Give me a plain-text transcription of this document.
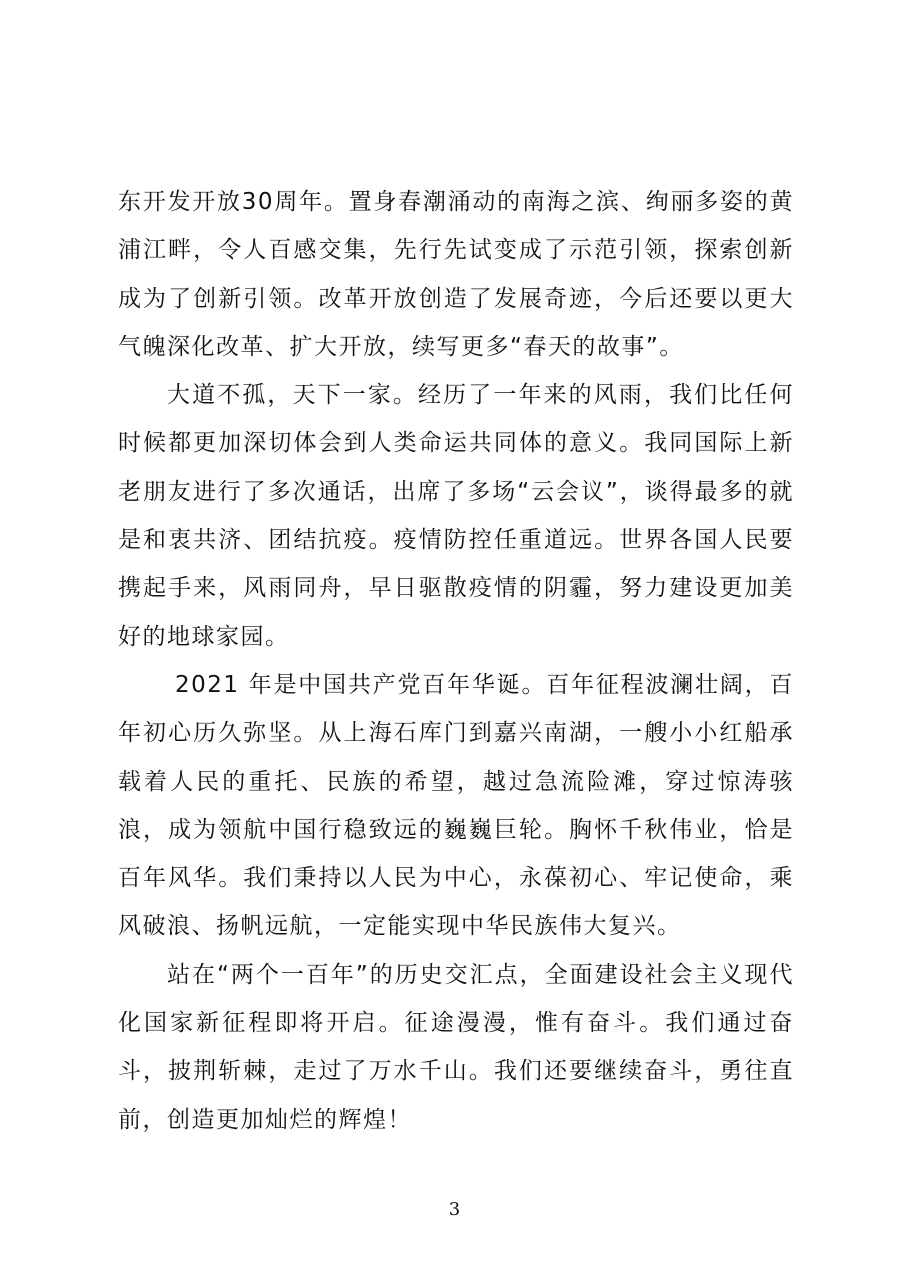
东开发开放30周年。置身春潮涌动的南海之滨、绚丽多姿的黄浦江畔，令人百感交集，先行先试变成了示范引领，探索创新成为了创新引领。改革开放创造了发展奇迹，今后还要以更大气魄深化改革、扩大开放，续写更多“春天的故事”。

大道不孤，天下一家。经历了一年来的风雨，我们比任何时候都更加深切体会到人类命运共同体的意义。我同国际上新老朋友进行了多次通话，出席了多场“云会议”，谈得最多的就是和衷共济、团结抗疫。疫情防控任重道远。世界各国人民要携起手来，风雨同舟，早日驱散疫情的阴霾，努力建设更加美好的地球家园。

2021 年是中国共产党百年华诞。百年征程波澜壮阔，百年初心历久弥坚。从上海石库门到嘉兴南湖，一艘小小红船承载着人民的重托、民族的希望，越过急流险滩，穿过惊涛骇浪，成为领航中国行稳致远的巍巍巨轮。胸怀千秋伟业，恰是百年风华。我们秉持以人民为中心，永葆初心、牢记使命，乘风破浪、扬帆远航，一定能实现中华民族伟大复兴。

站在“两个一百年”的历史交汇点，全面建设社会主义现代化国家新征程即将开启。征途漫漫，惟有奋斗。我们通过奋斗，披荆斩棘，走过了万水千山。我们还要继续奋斗，勇往直前，创造更加灿烂的辉煌！

3
